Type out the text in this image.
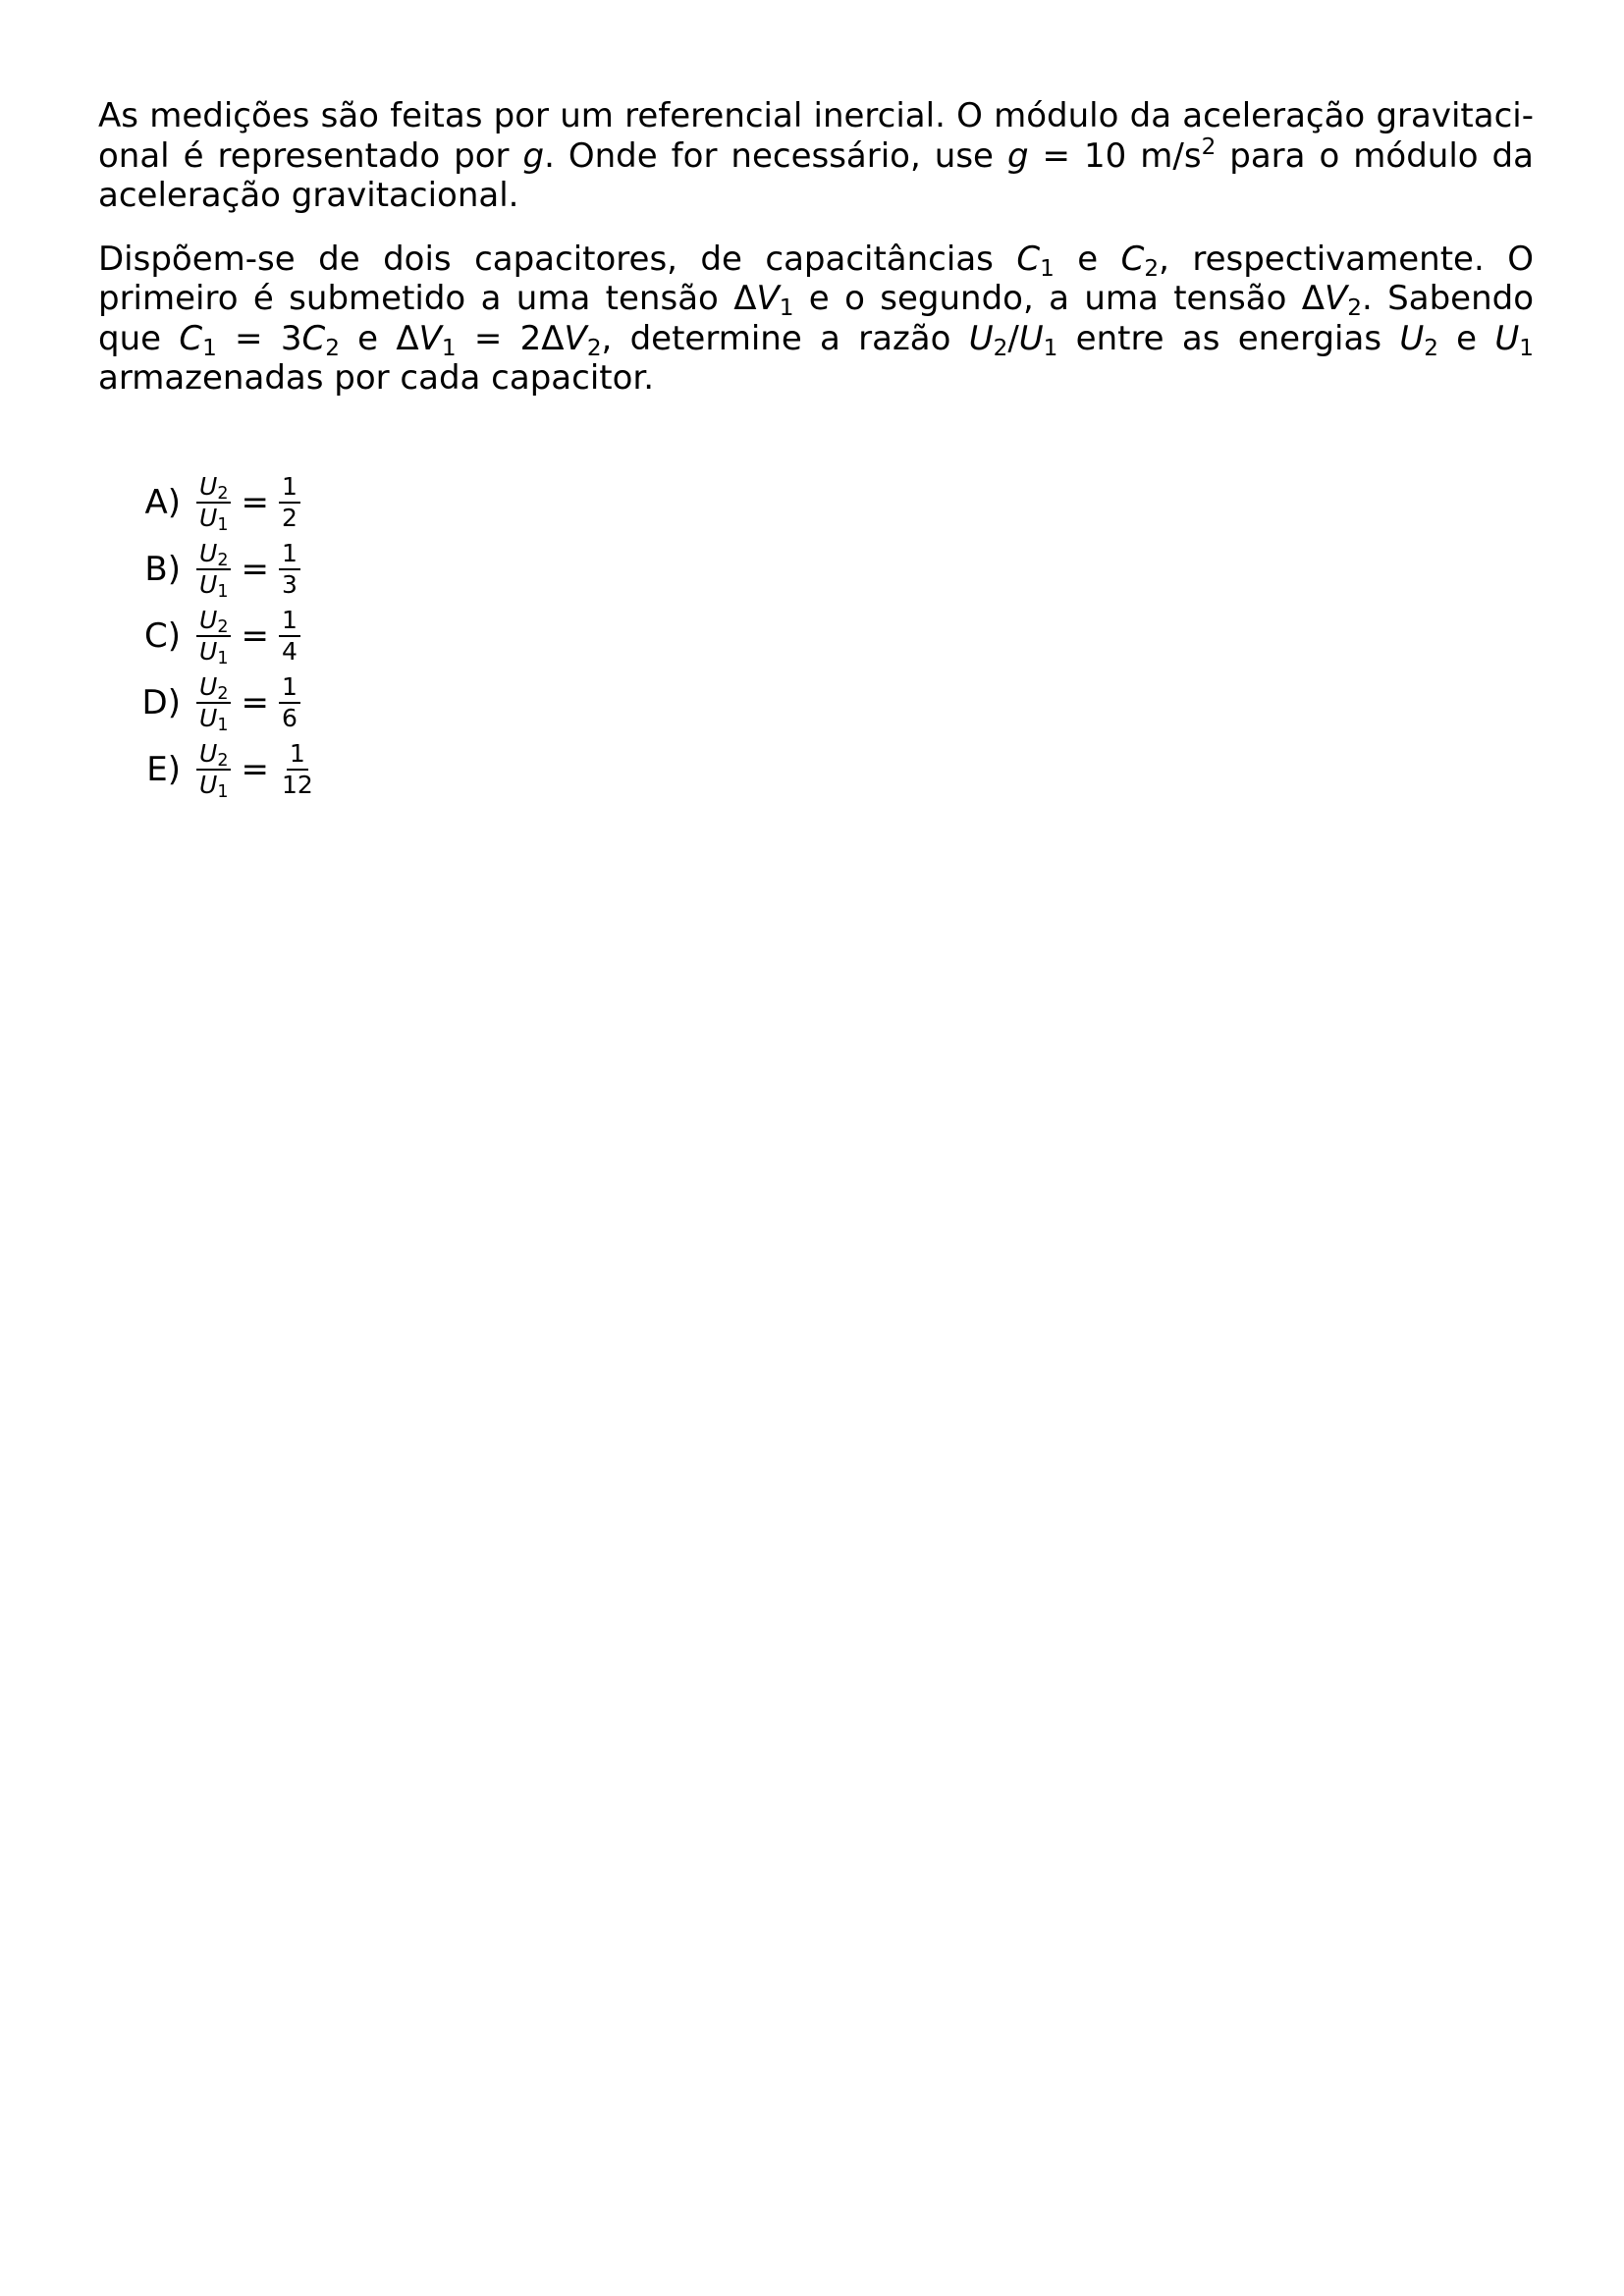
As medições são feitas por um referencial inercial. O módulo da aceleração gravitaci-onal é representado por g. Onde for necessário, use g = 10 $m/s^2$ para o módulo da aceleração gravitacional.

Dispõem-se de dois capacitores, de capacitâncias $C_1$ e $C_2$, respectivamente. O primeiro é submetido a uma tensão $\Delta V_1$ e o segundo, a uma tensão $\Delta V_2$. Sabendo que $C_1 = 3C_2$ e $\Delta V_1 = 2\Delta V_2$, determine a razão $U_2/U_1$ entre as energias $U_2$ e $U_1$ armazenadas por cada capacitor.

$A) \frac{U_2}{U_1} = \frac{1}{2}$
$B) \frac{U_2}{U_1} = \frac{1}{3}$
$C) \frac{U_2}{U_1} = \frac{1}{4}$
$D) \frac{U_2}{U_1} = \frac{1}{6}$
$E) \frac{U_2}{U_1} = \frac{1}{12}$
